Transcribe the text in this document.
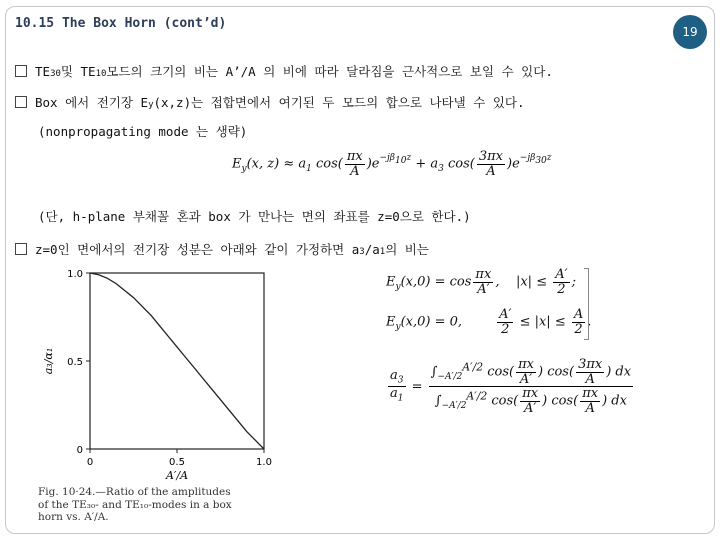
10.15 The Box Horn (cont’d)
19
$TE_{30}$ 및 $TE_{10}$ 모드의 크기의 비는 A’/A 의 비에 따라 달라짐을 근사적으로 보일 수 있다.
Box 에서 전기장 $E_y$ (x,z)는 접합면에서 여기된 두 모드의 합으로 나타낼 수 있다.
(nonpropagating mode 는 생략)
$E_y(x$, $z) \approx a_1$ $\cos( \frac{\pi x}{A} )e^{-j\beta_{10}z} + a_3$ $\cos( \frac{3\pi x}{A} )e^{-j\beta_{30}z}$
(단, h-plane 부채꼴 혼과 box 가 만나는 면의 좌표를 z=0으로 한다.)
z=0인 면에서의 전기장 성분은 아래와 같이 가정하면 $a_3$ $/a_1$ 의 비는
$E_y(x,0) = \cos \frac{\pi x}{A'}$ ,    $|x| \le \frac{A'}{2}$ ;
$E_y(x,0) = 0$, $\frac{A'}{2} \le |x| \le \frac{A}{2}$ .
$\frac{a_3}{a_1} = \frac{\int_{-A'/2}^{A'/2} \cos( \frac{\pi x}{A'} ) \cos( \frac{3\pi x}{A} ) dx}{\int_{-A'/2}^{A'/2} \cos( \frac{\pi x}{A'} ) \cos( \frac{\pi x}{A} ) dx}$
0
0
0.5
0.5
1.0
1.0
A′/A
a₃/α₁
Fig. 10·24.—Ratio of the amplitudes
of the TE₃₀- and TE₁₀-modes in a box
horn vs. A′/A.
